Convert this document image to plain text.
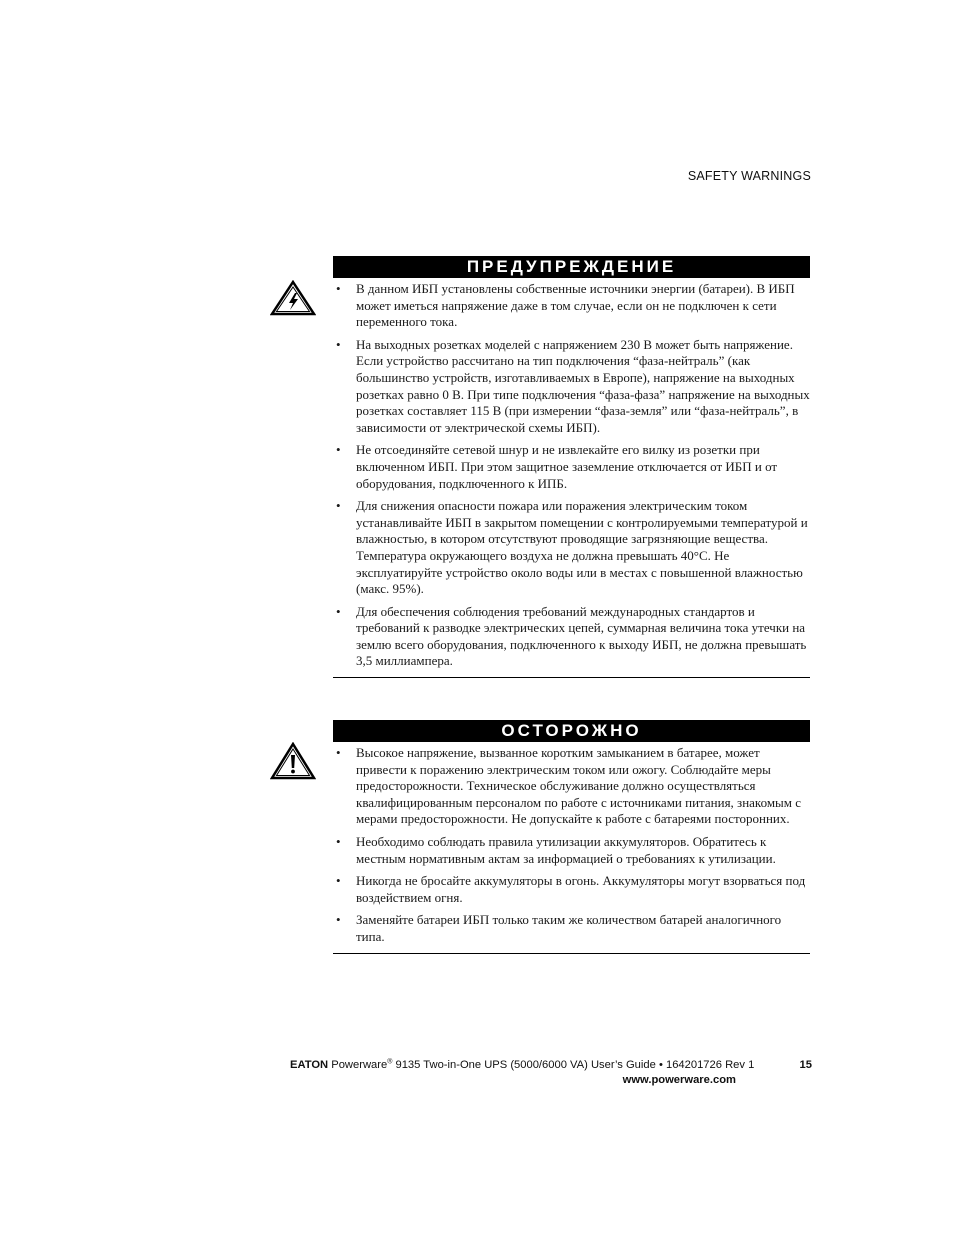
SAFETY WARNINGS
ПРЕДУПРЕЖДЕНИЕ
• В данном ИБП установлены собственные источники энергии (батареи). В ИБП может иметься напряжение даже в том случае, если он не подключен к сети переменного тока.
• На выходных розетках моделей с напряжением 230 В может быть напряжение. Если устройство рассчитано на тип подключения “фаза-нейтраль” (как большинство устройств, изготавливаемых в Европе), напряжение на выходных розетках равно 0 В. При типе подключения “фаза-фаза” напряжение на выходных розетках составляет 115 В (при измерении “фаза-земля” или “фаза-нейтраль”, в зависимости от электрической схемы ИБП).
• Не отсоединяйте сетевой шнур и не извлекайте его вилку из розетки при включенном ИБП. При этом защитное заземление отключается от ИБП и от оборудования, подключенного к ИПБ.
• Для снижения опасности пожара или поражения электрическим током устанавливайте ИБП в закрытом помещении с контролируемыми температурой и влажностью, в котором отсутствуют проводящие загрязняющие вещества. Температура окружающего воздуха не должна превышать 40°C. Не эксплуатируйте устройство около воды или в местах с повышенной влажностью (макс. 95%).
• Для обеспечения соблюдения требований международных стандартов и требований к разводке электрических цепей, суммарная величина тока утечки на землю всего оборудования, подключенного к выходу ИБП, не должна превышать 3,5 миллиампера.
ОСТОРОЖНО
• Высокое напряжение, вызванное коротким замыканием в батарее, может привести к поражению электрическим током или ожогу. Соблюдайте меры предосторожности. Техническое обслуживание должно осуществляться квалифицированным персоналом по работе с источниками питания, знакомым с мерами предосторожности. Не допускайте к работе с батареями посторонних.
• Необходимо соблюдать правила утилизации аккумуляторов. Обратитесь к местным нормативным актам за информацией о требованиях к утилизации.
• Никогда не бросайте аккумуляторы в огонь. Аккумуляторы могут взорваться под воздействием огня.
• Заменяйте батареи ИБП только таким же количеством батарей аналогичного типа.
EATON Powerware® 9135 Two-in-One UPS (5000/6000 VA) User’s Guide • 164201726 Rev 1	15
www.powerware.com
